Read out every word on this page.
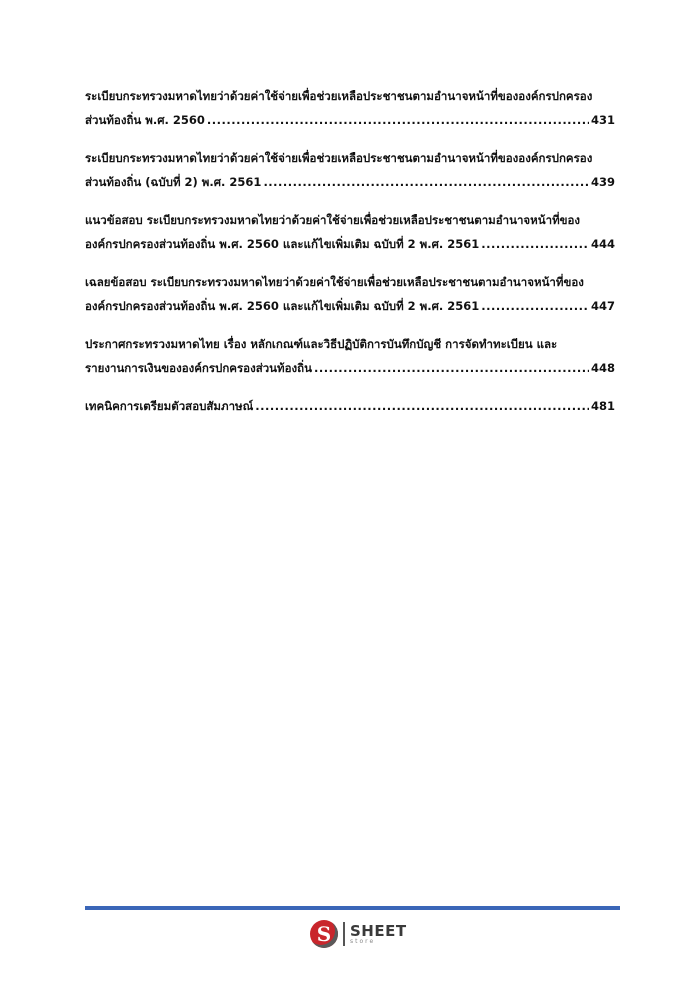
ระเบียบกระทรวงมหาดไทยว่าด้วยค่าใช้จ่ายเพื่อช่วยเหลือประชาชนตามอำนาจหน้าที่ขององค์กรปกครอง
ส่วนท้องถิ่น พ.ศ. 2560 .....	431
ระเบียบกระทรวงมหาดไทยว่าด้วยค่าใช้จ่ายเพื่อช่วยเหลือประชาชนตามอำนาจหน้าที่ขององค์กรปกครอง
ส่วนท้องถิ่น (ฉบับที่ 2) พ.ศ. 2561 .....	439
แนวข้อสอบ ระเบียบกระทรวงมหาดไทยว่าด้วยค่าใช้จ่ายเพื่อช่วยเหลือประชาชนตามอำนาจหน้าที่ของ
องค์กรปกครองส่วนท้องถิ่น พ.ศ. 2560 และแก้ไขเพิ่มเติม ฉบับที่ 2 พ.ศ. 2561 .....	444
เฉลยข้อสอบ ระเบียบกระทรวงมหาดไทยว่าด้วยค่าใช้จ่ายเพื่อช่วยเหลือประชาชนตามอำนาจหน้าที่ของ
องค์กรปกครองส่วนท้องถิ่น พ.ศ. 2560 และแก้ไขเพิ่มเติม ฉบับที่ 2 พ.ศ. 2561 .....	447
ประกาศกระทรวงมหาดไทย เรื่อง หลักเกณฑ์และวิธีปฏิบัติการบันทึกบัญชี การจัดทำทะเบียน และ
รายงานการเงินขององค์กรปกครองส่วนท้องถิ่น .....	448
เทคนิคการเตรียมตัวสอบสัมภาษณ์ .....	481
S	SHEET
store
